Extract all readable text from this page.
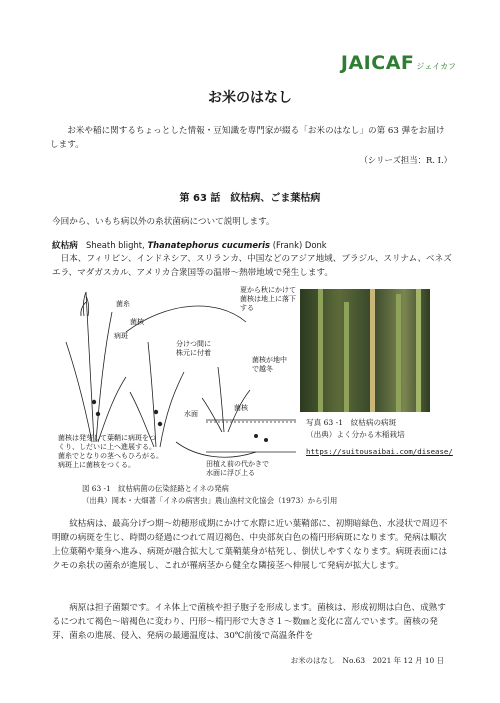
JAICAF ジェイカフ
お米のはなし
お米や稲に関するちょっとした情報・豆知識を専門家が綴る「お米のはなし」の第 63 弾をお届けします。
（シリーズ担当：R. I.）
第 63 話　紋枯病、ごま葉枯病
今回から、いもち病以外の糸状菌病について説明します。
紋枯病 Sheath blight, Thanatephorus cucumeris (Frank) Donk
日本、フィリピン、インドネシア、スリランカ、中国などのアジア地域、ブラジル、スリナム、ベネズエラ、マダガスカル、アメリカ合衆国等の温帯～熱帯地域で発生します。
夏から秋にかけて
菌核は地上に落下
する
菌糸
菌核
病斑
分けつ間に
株元に付着
菌核が地中
で越冬
水面
菌核
菌核は発芽して葉鞘に病斑をつ
くり、しだいに上へ進展する。
菌糸でとなりの茎へもひろがる。
病斑上に菌核をつくる。	田植え前の代かきで
水面に浮び上る
写真 63 -1　紋枯病の病斑
（出典）よく分かる木稲栽培
https://suitousaibai.com/disease/
図 63 -1　紋枯病菌の伝染経路とイネの発病
（出典）岡本・大畑著「イネの病害虫」農山漁村文化協会（1973）から引用
紋枯病は、最高分げつ期～幼穂形成期にかけて水際に近い葉鞘部に、初期暗緑色、水浸状で周辺不明瞭の病斑を生じ、時間の経過につれて周辺褐色、中央部灰白色の楕円形病斑になります。発病は順次上位葉鞘や葉身へ進み、病斑が融合拡大して葉鞘葉身が枯死し、倒伏しやすくなります。病斑表面にはクモの糸状の菌糸が進展し、これが罹病茎から健全な隣接茎へ伸展して発病が拡大します。
病原は担子菌類です。イネ体上で菌核や担子胞子を形成します。菌核は、形成初期は白色、成熟するにつれて褐色～暗褐色に変わり、円形～楕円形で大きさ１～数㎜と変化に富んでいます。菌核の発芽、菌糸の進展、侵入、発病の最適温度は、30℃前後で高温条件を
お米のはなし　No.63　2021 年 12 月 10 日
